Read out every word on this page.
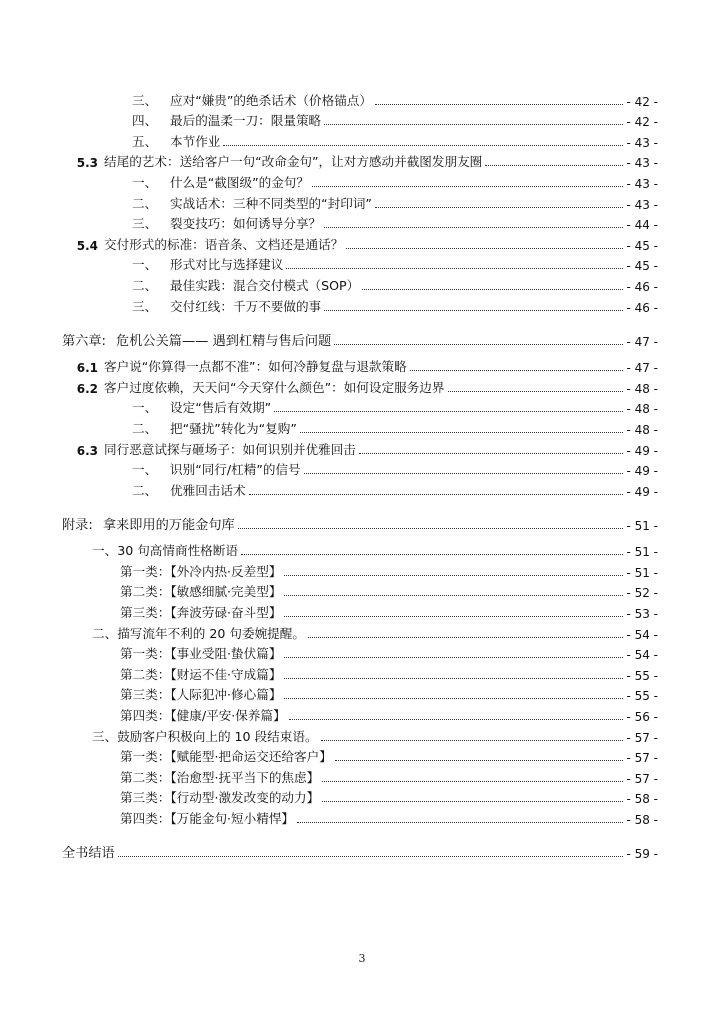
三、	应对“嫌贵”的绝杀话术（价格锚点）	- 42 -
四、	最后的温柔一刀：限量策略	- 42 -
五、	本节作业	- 43 -
5.3 结尾的艺术：送给客户一句“改命金句”，让对方感动并截图发朋友圈	- 43 -
一、	什么是“截图级”的金句？	- 43 -
二、	实战话术：三种不同类型的“封印词”	- 43 -
三、	裂变技巧：如何诱导分享？	- 44 -
5.4 交付形式的标准：语音条、文档还是通话？	- 45 -
一、	形式对比与选择建议	- 45 -
二、	最佳实践：混合交付模式（SOP）	- 46 -
三、	交付红线：千万不要做的事	- 46 -
第六章: 危机公关篇—— 遇到杠精与售后问题	- 47 -
6.1 客户说“你算得一点都不准”：如何冷静复盘与退款策略	- 47 -
6.2 客户过度依赖，天天问“今天穿什么颜色”：如何设定服务边界	- 48 -
一、	设定“售后有效期”	- 48 -
二、	把“骚扰”转化为“复购”	- 48 -
6.3 同行恶意试探与砸场子：如何识别并优雅回击	- 49 -
一、	识别“同行/杠精”的信号	- 49 -
二、	优雅回击话术	- 49 -
附录: 拿来即用的万能金句库	- 51 -
一、30 句高情商性格断语	- 51 -
第一类：【外冷内热·反差型】	- 51 -
第二类：【敏感细腻·完美型】	- 52 -
第三类：【奔波劳碌·奋斗型】	- 53 -
二、描写流年不利的 20 句委婉提醒。	- 54 -
第一类：【事业受阻·蛰伏篇】	- 54 -
第二类：【财运不佳·守成篇】	- 55 -
第三类：【人际犯冲·修心篇】	- 55 -
第四类：【健康/平安·保养篇】	- 56 -
三、鼓励客户积极向上的 10 段结束语。	- 57 -
第一类：【赋能型·把命运交还给客户】	- 57 -
第二类：【治愈型·抚平当下的焦虑】	- 57 -
第三类：【行动型·激发改变的动力】	- 58 -
第四类：【万能金句·短小精悍】	- 58 -
全书结语	- 59 -
3
